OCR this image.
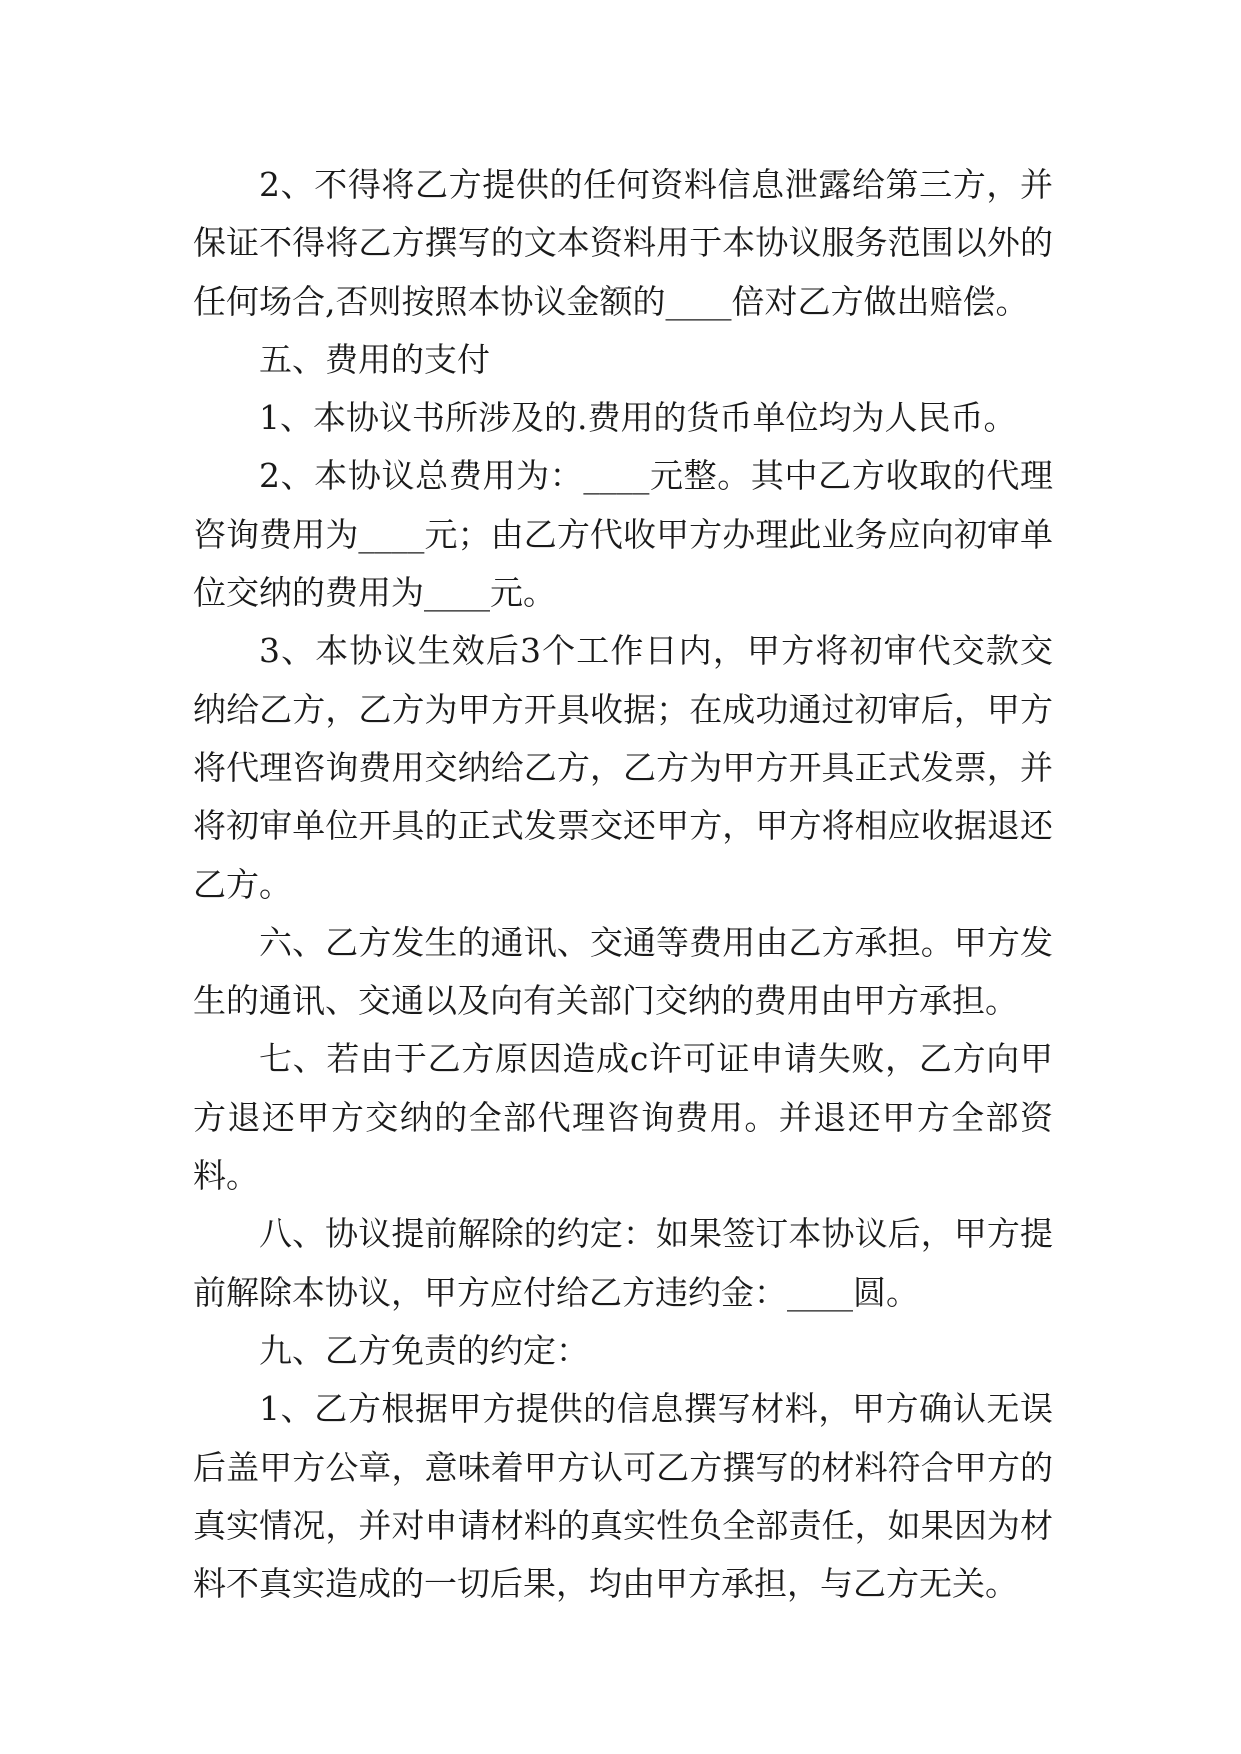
2、不得将乙方提供的任何资料信息泄露给第三方，并保证不得将乙方撰写的文本资料用于本协议服务范围以外的任何场合,否则按照本协议金额的____倍对乙方做出赔偿。

五、费用的支付

1、本协议书所涉及的.费用的货币单位均为人民币。

2、本协议总费用为：____元整。其中乙方收取的代理咨询费用为____元；由乙方代收甲方办理此业务应向初审单位交纳的费用为____元。

3、本协议生效后3个工作日内，甲方将初审代交款交纳给乙方，乙方为甲方开具收据；在成功通过初审后，甲方将代理咨询费用交纳给乙方，乙方为甲方开具正式发票，并将初审单位开具的正式发票交还甲方，甲方将相应收据退还乙方。

六、乙方发生的通讯、交通等费用由乙方承担。甲方发生的通讯、交通以及向有关部门交纳的费用由甲方承担。

七、若由于乙方原因造成c许可证申请失败，乙方向甲方退还甲方交纳的全部代理咨询费用。并退还甲方全部资料。

八、协议提前解除的约定：如果签订本协议后，甲方提前解除本协议，甲方应付给乙方违约金：____圆。

九、乙方免责的约定：

1、乙方根据甲方提供的信息撰写材料，甲方确认无误后盖甲方公章，意味着甲方认可乙方撰写的材料符合甲方的真实情况，并对申请材料的真实性负全部责任，如果因为材料不真实造成的一切后果，均由甲方承担，与乙方无关。
